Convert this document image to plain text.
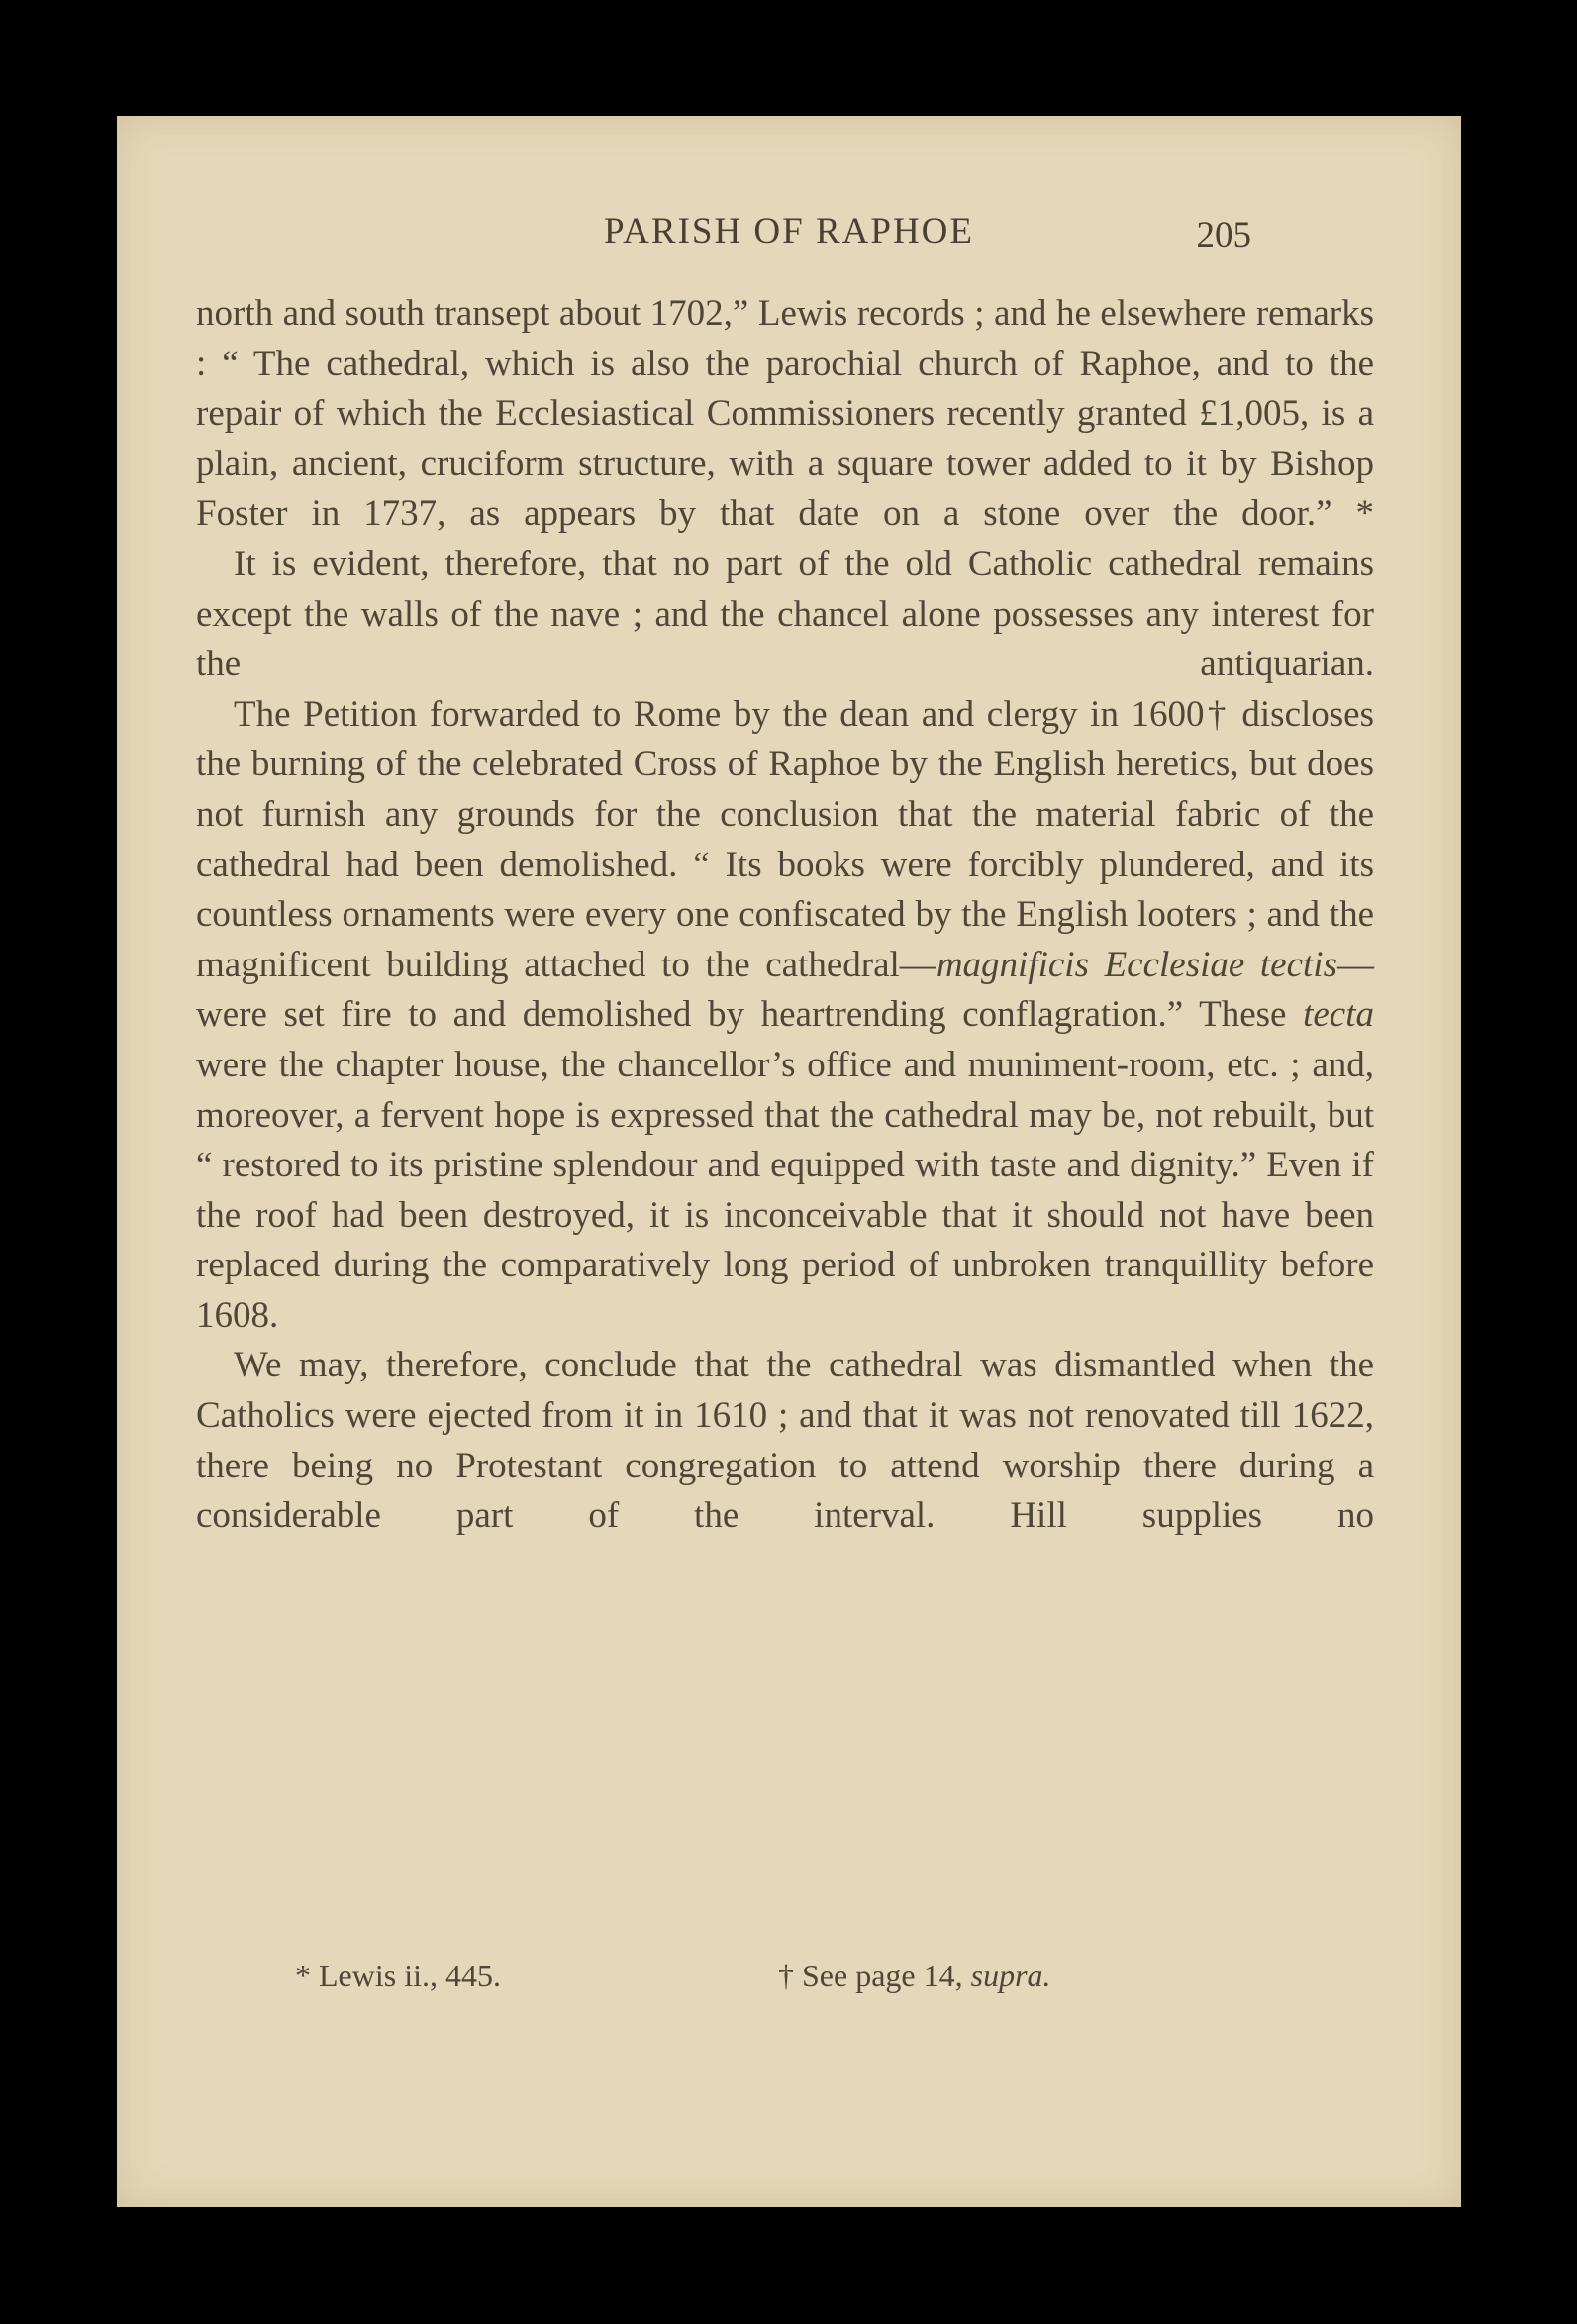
PARISH OF RAPHOE	205

north and south transept about 1702,” Lewis records ; and he elsewhere remarks : “ The cathedral, which is also the parochial church of Raphoe, and to the repair of which the Ecclesiastical Commissioners recently granted £1,005, is a plain, ancient, cruciform structure, with a square tower added to it by Bishop Foster in 1737, as appears by that date on a stone over the door.” *

It is evident, therefore, that no part of the old Catholic cathedral remains except the walls of the nave ; and the chancel alone possesses any interest for the antiquarian.

The Petition forwarded to Rome by the dean and clergy in 1600† discloses the burning of the celebrated Cross of Raphoe by the English heretics, but does not furnish any grounds for the conclusion that the material fabric of the cathedral had been demolished. “ Its books were forcibly plundered, and its countless ornaments were every one confiscated by the English looters ; and the magnificent building attached to the cathedral—magnificis Ecclesiae tectis—were set fire to and demolished by heartrending conflagration.” These tecta were the chapter house, the chancellor’s office and muniment-room, etc. ; and, moreover, a fervent hope is expressed that the cathedral may be, not rebuilt, but “ restored to its pristine splendour and equipped with taste and dignity.” Even if the roof had been destroyed, it is inconceivable that it should not have been replaced during the comparatively long period of unbroken tranquillity before 1608.

We may, therefore, conclude that the cathedral was dismantled when the Catholics were ejected from it in 1610 ; and that it was not renovated till 1622, there being no Protestant congregation to attend worship there during a considerable part of the interval. Hill supplies no

* Lewis ii., 445.	† See page 14, supra.
